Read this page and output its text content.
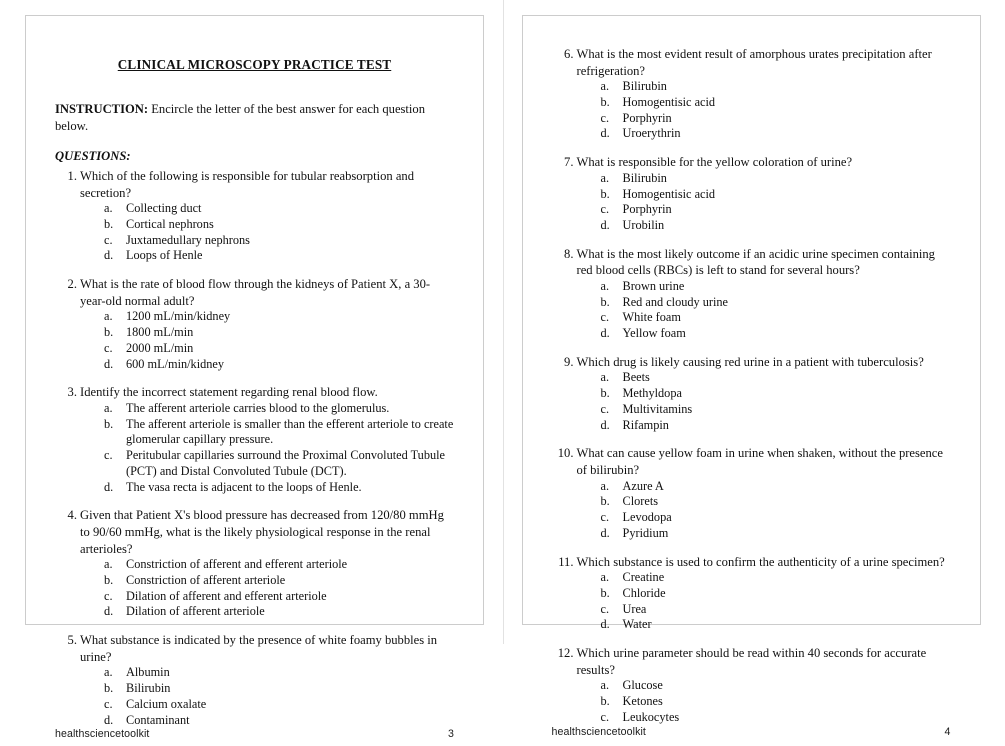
CLINICAL MICROSCOPY PRACTICE TEST
INSTRUCTION: Encircle the letter of the best answer for each question below.
QUESTIONS:
1. Which of the following is responsible for tubular reabsorption and secretion?
a.	Collecting duct
b.	Cortical nephrons
c.	Juxtamedullary nephrons
d.	Loops of Henle
2. What is the rate of blood flow through the kidneys of Patient X, a 30-year-old normal adult?
a.	1200 mL/min/kidney
b.	1800 mL/min
c.	2000 mL/min
d.	600 mL/min/kidney
3. Identify the incorrect statement regarding renal blood flow.
a.	The afferent arteriole carries blood to the glomerulus.
b.	The afferent arteriole is smaller than the efferent arteriole to create glomerular capillary pressure.
c.	Peritubular capillaries surround the Proximal Convoluted Tubule (PCT) and Distal Convoluted Tubule (DCT).
d.	The vasa recta is adjacent to the loops of Henle.
4. Given that Patient X's blood pressure has decreased from 120/80 mmHg to 90/60 mmHg, what is the likely physiological response in the renal arterioles?
a.	Constriction of afferent and efferent arteriole
b.	Constriction of afferent arteriole
c.	Dilation of afferent and efferent arteriole
d.	Dilation of afferent arteriole
5. What substance is indicated by the presence of white foamy bubbles in urine?
a.	Albumin
b.	Bilirubin
c.	Calcium oxalate
d.	Contaminant
healthsciencetoolkit	3
6. What is the most evident result of amorphous urates precipitation after refrigeration?
a.	Bilirubin
b.	Homogentisic acid
c.	Porphyrin
d.	Uroerythrin
7. What is responsible for the yellow coloration of urine?
a.	Bilirubin
b.	Homogentisic acid
c.	Porphyrin
d.	Urobilin
8. What is the most likely outcome if an acidic urine specimen containing red blood cells (RBCs) is left to stand for several hours?
a.	Brown urine
b.	Red and cloudy urine
c.	White foam
d.	Yellow foam
9. Which drug is likely causing red urine in a patient with tuberculosis?
a.	Beets
b.	Methyldopa
c.	Multivitamins
d.	Rifampin
10. What can cause yellow foam in urine when shaken, without the presence of bilirubin?
a.	Azure A
b.	Clorets
c.	Levodopa
d.	Pyridium
11. Which substance is used to confirm the authenticity of a urine specimen?
a.	Creatine
b.	Chloride
c.	Urea
d.	Water
12. Which urine parameter should be read within 40 seconds for accurate results?
a.	Glucose
b.	Ketones
c.	Leukocytes
healthsciencetoolkit	4
